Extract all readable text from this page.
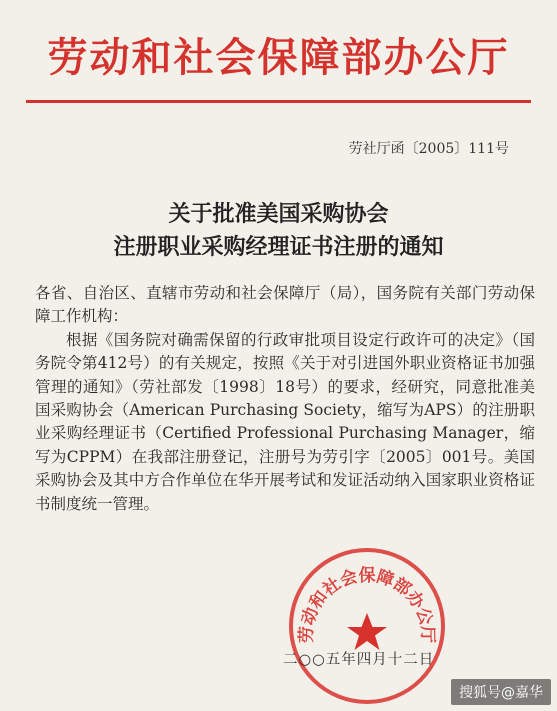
劳动和社会保障部办公厅
劳社厅函〔2005〕111号
关于批准美国采购协会
注册职业采购经理证书注册的通知

各省、自治区、直辖市劳动和社会保障厅（局），国务院有关部门劳动保障工作机构：

根据《国务院对确需保留的行政审批项目设定行政许可的决定》（国务院令第412号）的有关规定，按照《关于对引进国外职业资格证书加强管理的通知》（劳社部发〔1998〕18号）的要求，经研究，同意批准美国采购协会（American Purchasing Society，缩写为APS）的注册职业采购经理证书（Certified Professional Purchasing Manager，缩写为CPPM）在我部注册登记，注册号为劳引字〔2005〕001号。美国采购协会及其中方合作单位在华开展考试和发证活动纳入国家职业资格证书制度统一管理。

劳动和社会保障部办公厅
二○○五年四月十二日
搜狐号@嘉华
